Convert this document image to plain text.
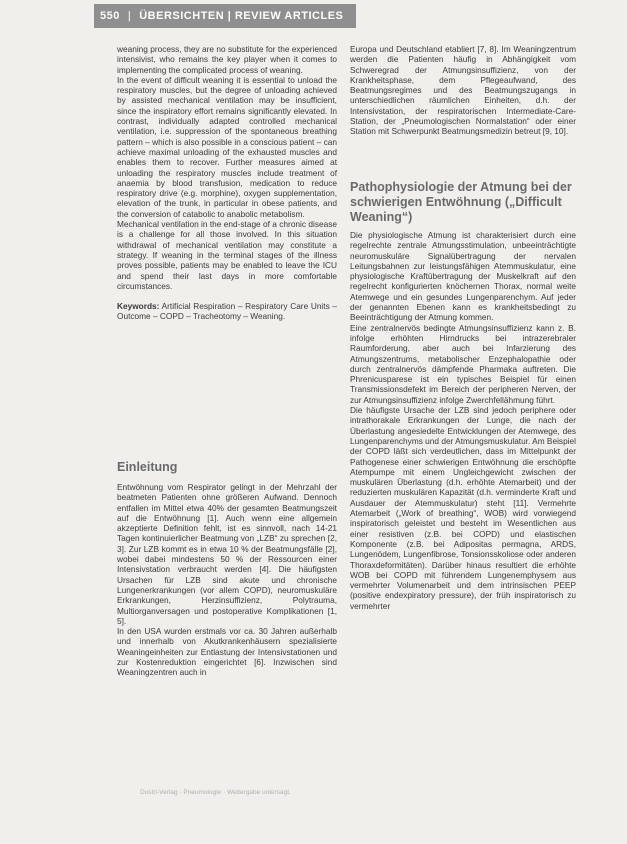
550 | ÜBERSICHTEN | REVIEW ARTICLES

weaning process, they are no substitute for the experienced intensivist, who remains the key player when it comes to implementing the complicated process of weaning.

In the event of difficult weaning it is essential to unload the respiratory muscles, but the degree of unloading achieved by assisted mechanical ventilation may be insufficient, since the inspiratory effort remains significantly elevated. In contrast, individually adapted controlled mechanical ventilation, i.e. suppression of the spontaneous breathing pattern – which is also possible in a conscious patient – can achieve maximal unloading of the exhausted muscles and enables them to recover. Further measures aimed at unloading the respiratory muscles include treatment of anaemia by blood transfusion, medication to reduce respiratory drive (e.g. morphine), oxygen supplementation, elevation of the trunk, in particular in obese patients, and the conversion of catabolic to anabolic metabolism.

Mechanical ventilation in the end-stage of a chronic disease is a challenge for all those involved. In this situation withdrawal of mechanical ventilation may constitute a strategy. If weaning in the terminal stages of the illness proves possible, patients may be enabled to leave the ICU and spend their last days in more comfortable circumstances.

Keywords: Artificial Respiration – Respiratory Care Units – Outcome – COPD – Tracheotomy – Weaning.

Einleitung

Entwöhnung vom Respirator gelingt in der Mehrzahl der beatmeten Patienten ohne größeren Aufwand. Dennoch entfallen im Mittel etwa 40% der gesamten Beatmungszeit auf die Entwöhnung [1]. Auch wenn eine allgemein akzeptierte Definition fehlt, ist es sinnvoll, nach 14-21 Tagen kontinuierlicher Beatmung von „LZB“ zu sprechen [2, 3]. Zur LZB kommt es in etwa 10 % der Beatmungsfälle [2], wobei dabei mindestens 50 % der Ressourcen einer Intensivstation verbraucht werden [4]. Die häufigsten Ursachen für LZB sind akute und chronische Lungenerkrankungen (vor allem COPD), neuromuskuläre Erkrankungen, Herzinsuffizienz, Polytrauma, Multiorganversagen und postoperative Komplikationen [1, 5].

In den USA wurden erstmals vor ca. 30 Jahren außerhalb und innerhalb von Akutkrankenhäusern spezialisierte Weaningeinheiten zur Entlastung der Intensivstationen und zur Kostenreduktion eingerichtet [6]. Inzwischen sind Weaningzentren auch in

Europa und Deutschland etabliert [7, 8]. Im Weaningzentrum werden die Patienten häufig in Abhängigkeit vom Schweregrad der Atmungsinsuffizienz, von der Krankheitsphase, dem Pflegeaufwand, des Beatmungsregimes und des Beatmungszugangs in unterschiedlichen räumlichen Einheiten, d.h. der Intensivstation, der respiratorischen Intermediate-Care-Station, der „Pneumologischen Normalstation“ oder einer Station mit Schwerpunkt Beatmungsmedizin betreut [9, 10].

Pathophysiologie der Atmung bei der schwierigen Entwöhnung („Difficult Weaning“)

Die physiologische Atmung ist charakterisiert durch eine regelrechte zentrale Atmungsstimulation, unbeeinträchtigte neuromuskuläre Signalübertragung der nervalen Leitungsbahnen zur leistungsfähigen Atemmuskulatur, eine physiologische Kraftübertragung der Muskelkraft auf den regelrecht konfigurierten knöchernen Thorax, normal weite Atemwege und ein gesundes Lungenparenchym. Auf jeder der genannten Ebenen kann es krankheitsbedingt zu Beeinträchtigung der Atmung kommen.

Eine zentralnervös bedingte Atmungsinsuffizienz kann z. B. infolge erhöhten Hirndrucks bei intrazerebraler Raumforderung, aber auch bei Infarzierung des Atmungszentrums, metabolischer Enzephalopathie oder durch zentralnervös dämpfende Pharmaka auftreten. Die Phrenicusparese ist ein typisches Beispiel für einen Transmissionsdefekt im Bereich der peripheren Nerven, der zur Atmungsinsuffizienz infolge Zwerchfellähmung führt.

Die häufigste Ursache der LZB sind jedoch periphere oder intrathorakale Erkrankungen der Lunge, die nach der Überlastung angesiedelte Entwicklungen der Atemwege, des Lungenparenchyms und der Atmungsmuskulatur. Am Beispiel der COPD läßt sich verdeutlichen, dass im Mittelpunkt der Pathogenese einer schwierigen Entwöhnung die erschöpfte Atempumpe mit einem Ungleichgewicht zwischen der muskulären Überlastung (d.h. erhöhte Atemarbeit) und der reduzierten muskulären Kapazität (d.h. verminderte Kraft und Ausdauer der Atemmuskulatur) steht [11]. Vermehrte Atemarbeit („Work of breathing“, WOB) wird vorwiegend inspiratorisch geleistet und besteht im Wesentlichen aus einer resistiven (z.B. bei COPD) und elastischen Komponente (z.B. bei Adipositas permagna, ARDS, Lungenödem, Lungenfibrose, Tonsionsskoliose oder anderen Thoraxdeformitäten). Darüber hinaus resultiert die erhöhte WOB bei COPD mit führendem Lungenemphysem aus vermehrter Volumenarbeit und dem intrinsischen PEEP (positive endexpiratory pressure), der früh inspiratorisch zu vermehrter

Dustri-Verlag · Pneumologie · Weitergabe untersagt.
